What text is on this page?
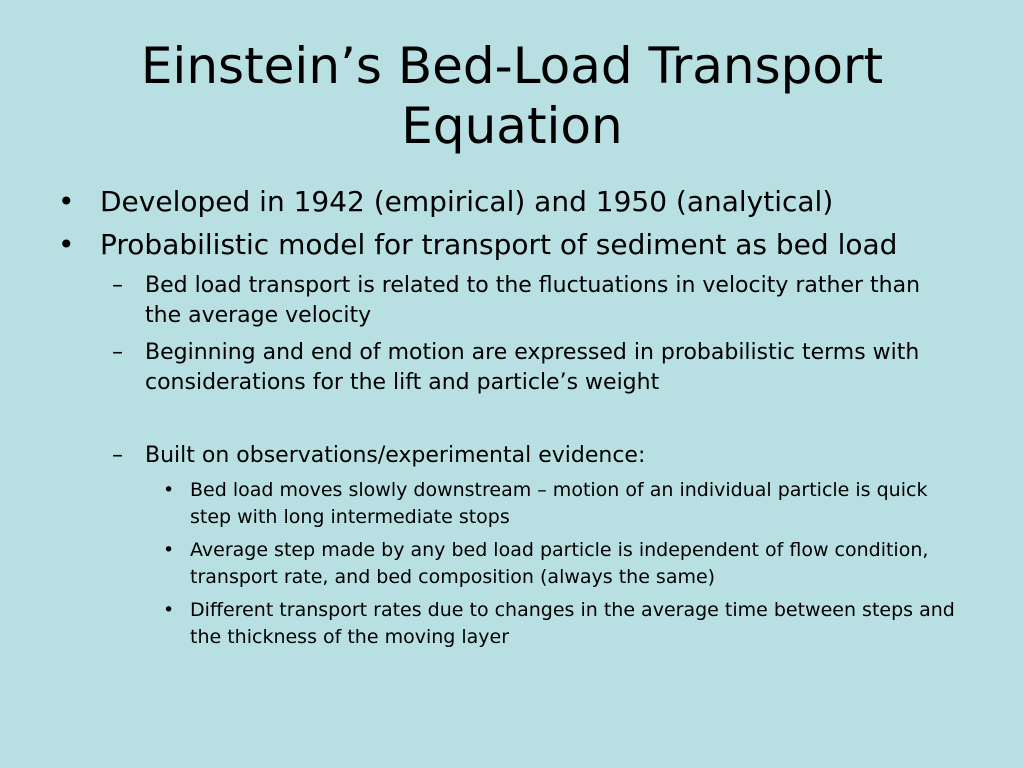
Einstein’s Bed-Load Transport Equation
• Developed in 1942 (empirical) and 1950 (analytical)
• Probabilistic model for transport of sediment as bed load
–	Bed load transport is related to the fluctuations in velocity rather than the average velocity
–	Beginning and end of motion are expressed in probabilistic terms with considerations for the lift and particle’s weight
–	Built on observations/experimental evidence:
• Bed load moves slowly downstream – motion of an individual particle is quick step with long intermediate stops
• Average step made by any bed load particle is independent of flow condition, transport rate, and bed composition (always the same)
• Different transport rates due to changes in the average time between steps and the thickness of the moving layer
